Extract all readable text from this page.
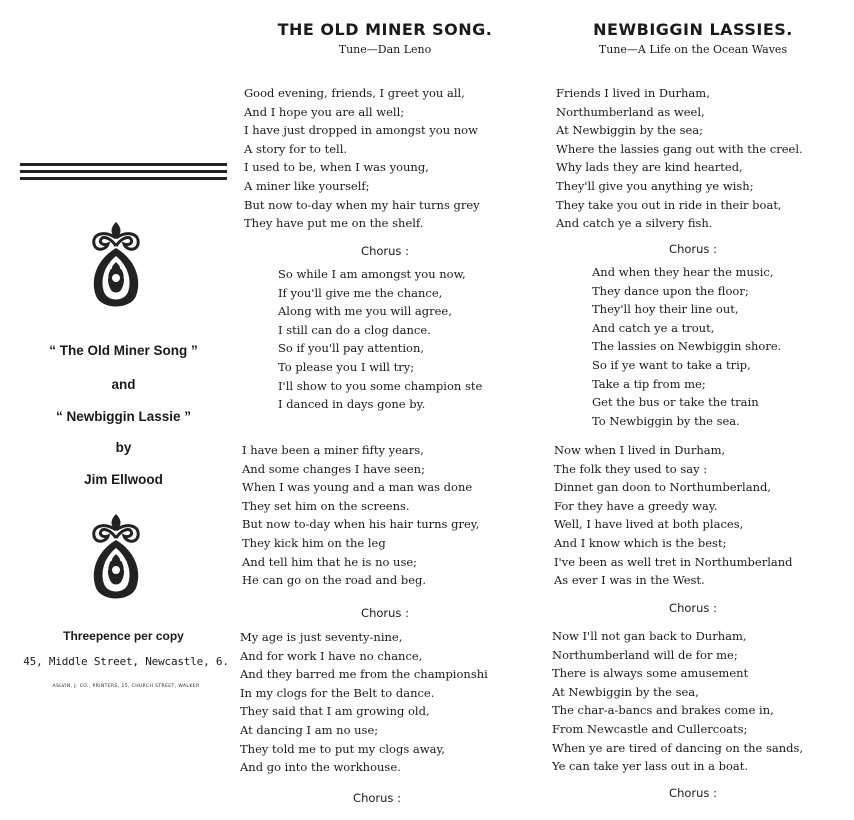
“ The Old Miner Song ”
and
“ Newbiggin Lassie ”
by
Jim Ellwood
Threepence per copy
45, Middle Street, Newcastle, 6.
ASLVIN, J. CO., PRINTERS, 15, CHURCH STREET, WALKER
THE OLD MINER SONG.
Tune—Dan Leno
Good evening, friends, I greet you all,
And I hope you are all well;
I have just dropped in amongst you now
A story for to tell.
I used to be, when I was young,
A miner like yourself;
But now to-day when my hair turns grey
They have put me on the shelf.
Chorus :
So while I am amongst you now,
If you'll give me the chance,
Along with me you will agree,
I still can do a clog dance.
So if you'll pay attention,
To please you I will try;
I'll show to you some champion ste
I danced in days gone by.
I have been a miner fifty years,
And some changes I have seen;
When I was young and a man was done
They set him on the screens.
But now to-day when his hair turns grey,
They kick him on the leg
And tell him that he is no use;
He can go on the road and beg.
Chorus :
My age is just seventy-nine,
And for work I have no chance,
And they barred me from the championshi
In my clogs for the Belt to dance.
They said that I am growing old,
At dancing I am no use;
They told me to put my clogs away,
And go into the workhouse.
Chorus :
NEWBIGGIN LASSIES.
Tune—A Life on the Ocean Waves
Friends I lived in Durham,
Northumberland as weel,
At Newbiggin by the sea;
Where the lassies gang out with the creel.
Why lads they are kind hearted,
They'll give you anything ye wish;
They take you out in ride in their boat,
And catch ye a silvery fish.
Chorus :
And when they hear the music,
They dance upon the floor;
They'll hoy their line out,
And catch ye a trout,
The lassies on Newbiggin shore.
So if ye want to take a trip,
Take a tip from me;
Get the bus or take the train
To Newbiggin by the sea.
Now when I lived in Durham,
The folk they used to say :
Dinnet gan doon to Northumberland,
For they have a greedy way.
Well, I have lived at both places,
And I know which is the best;
I've been as well tret in Northumberland
As ever I was in the West.
Chorus :
Now I'll not gan back to Durham,
Northumberland will de for me;
There is always some amusement
At Newbiggin by the sea,
The char-a-bancs and brakes come in,
From Newcastle and Cullercoats;
When ye are tired of dancing on the sands,
Ye can take yer lass out in a boat.
Chorus :
